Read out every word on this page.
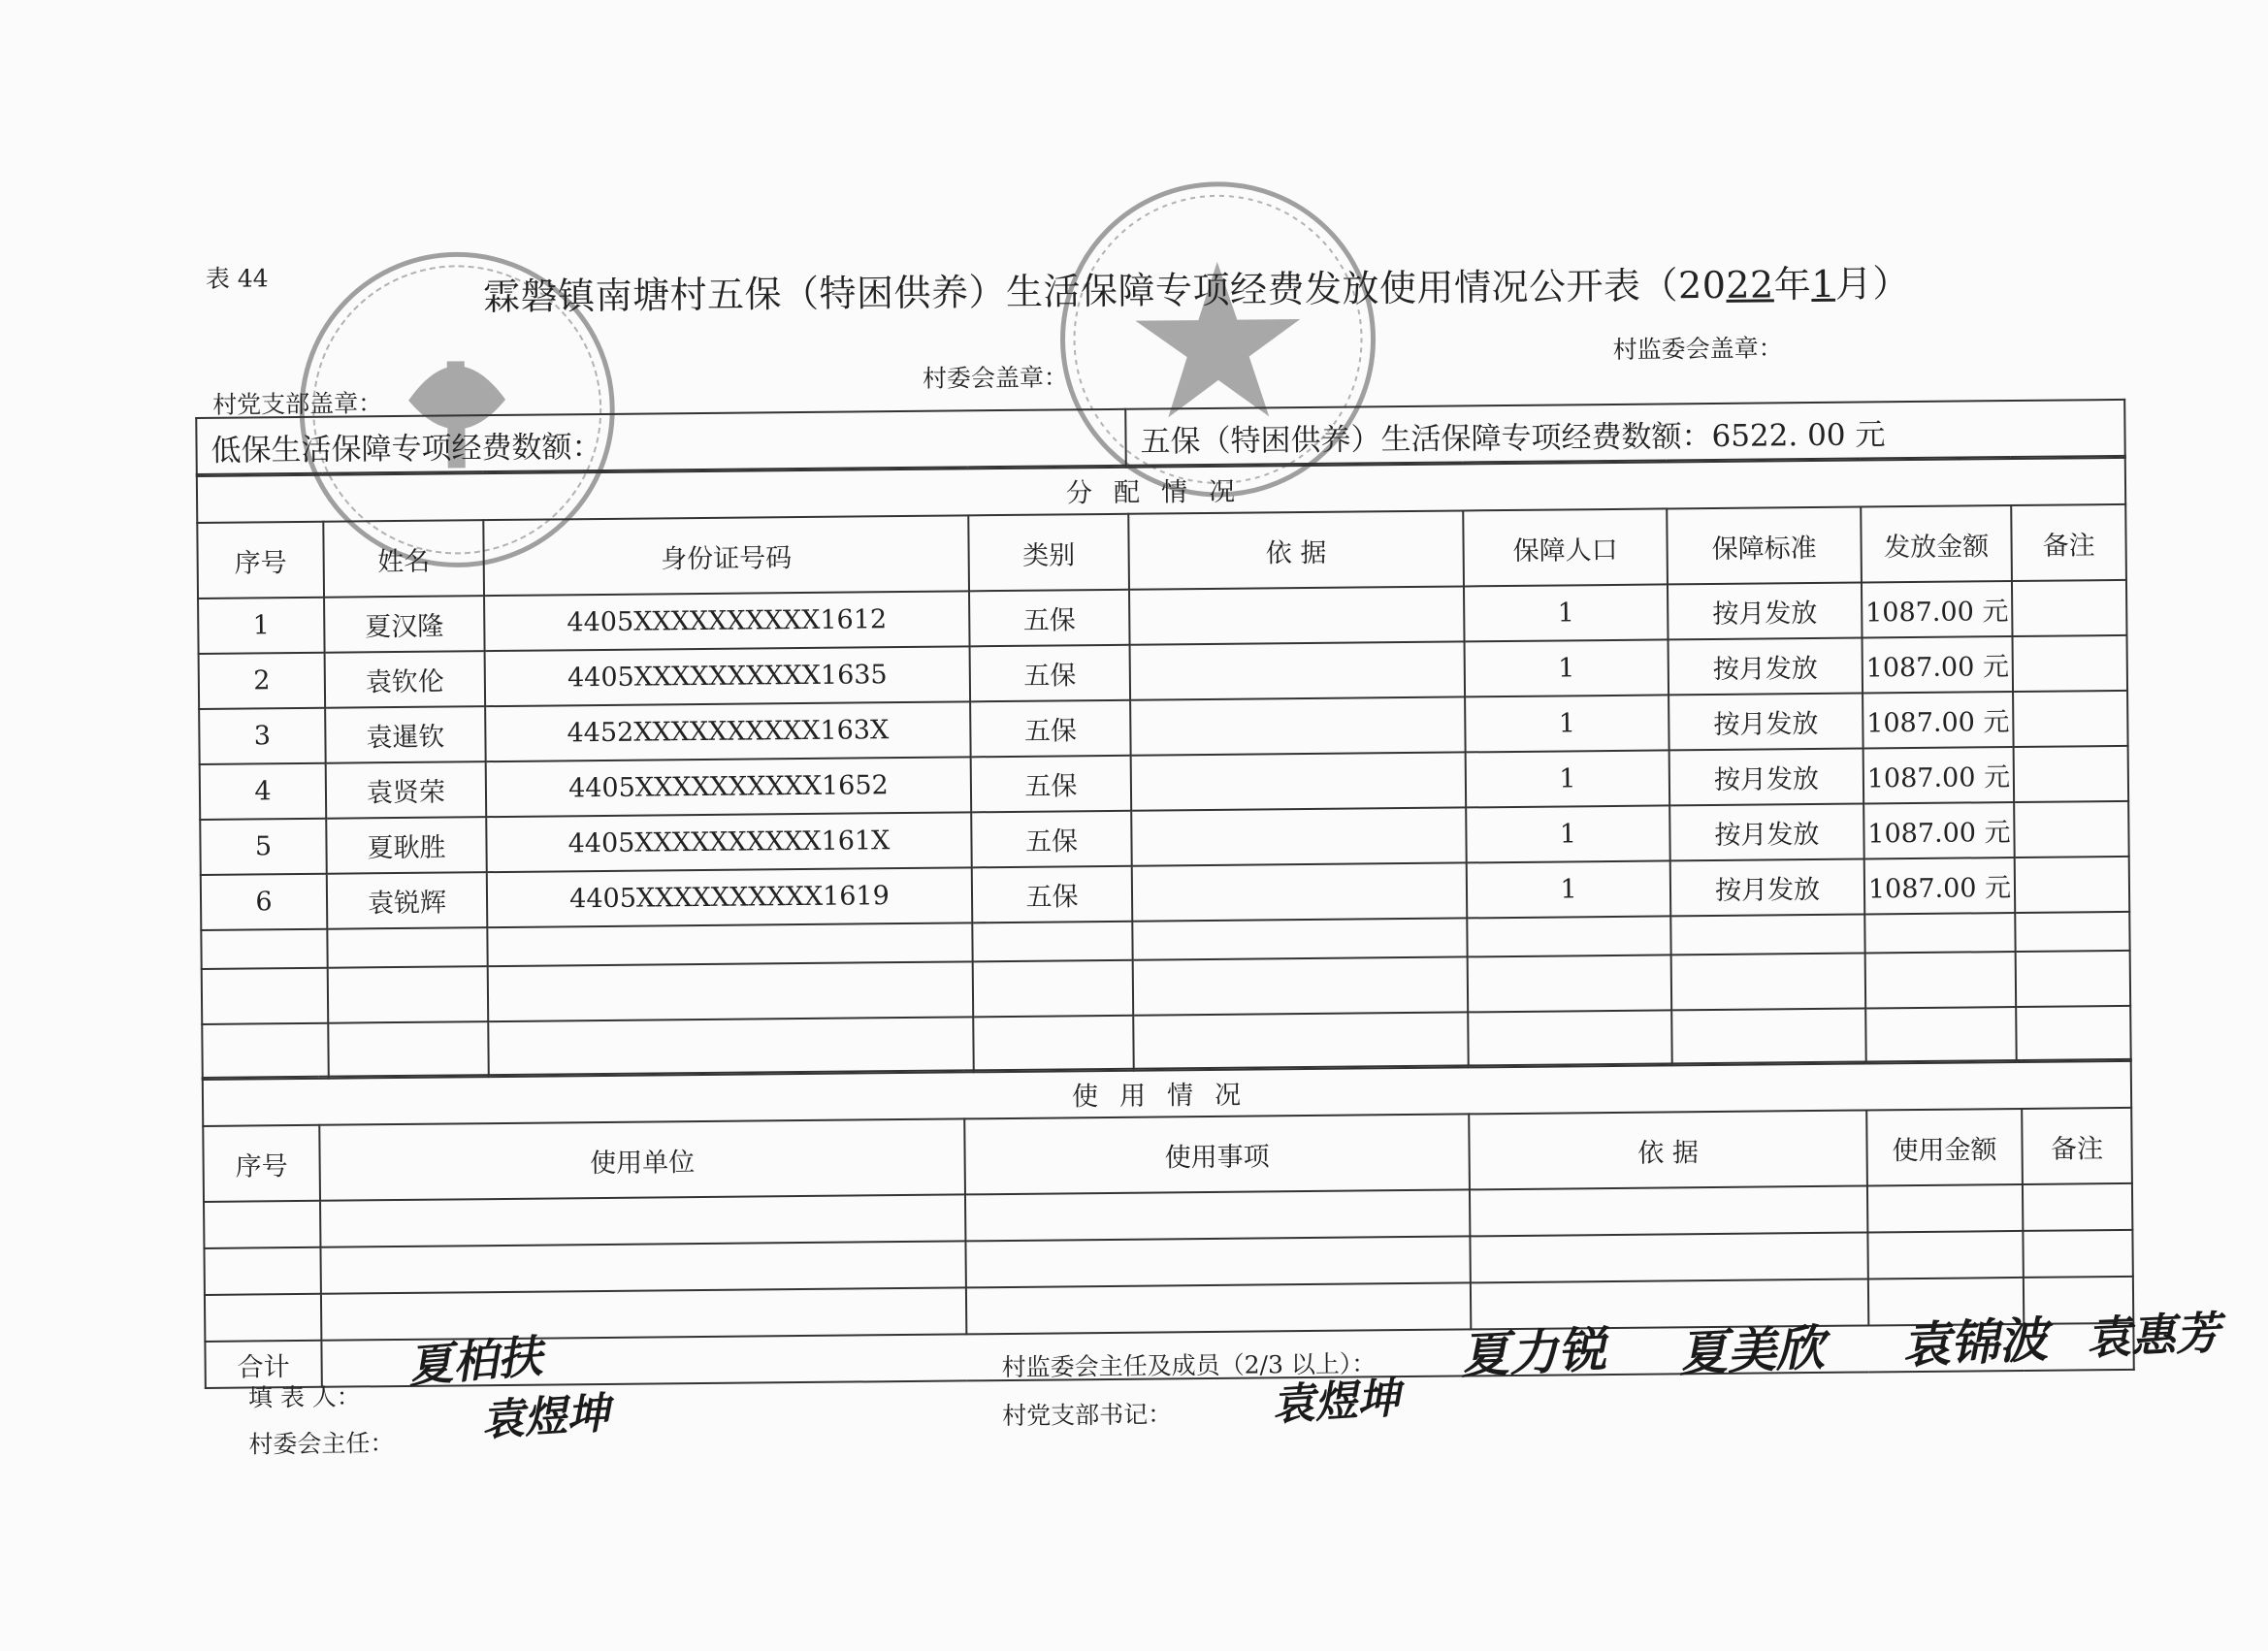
表 44	霖磐镇南塘村五保（特困供养）生活保障专项经费发放使用情况公开表（2022年1月）
村党支部盖章：
村委会盖章：
村监委会盖章：
低保生活保障专项经费数额：	五保（特困供养）生活保障专项经费数额：6522. 00 元
分配情况								
序号	姓名	身份证号码	类别	依 据	保障人口	保障标准	发放金额	备注
1	夏汉隆	4405XXXXXXXXXX1612	五保		1	按月发放	1087.00 元	
2	袁钦伦	4405XXXXXXXXXX1635	五保		1	按月发放	1087.00 元	
3	袁暹钦	4452XXXXXXXXXX163X	五保		1	按月发放	1087.00 元	
4	袁贤荣	4405XXXXXXXXXX1652	五保		1	按月发放	1087.00 元	
5	夏耿胜	4405XXXXXXXXXX161X	五保		1	按月发放	1087.00 元	
6	袁锐辉	4405XXXXXXXXXX1619	五保		1	按月发放	1087.00 元	

使用情况					
序号	使用单位	使用事项	依 据	使用金额	备注

合计					
填 表 人：
村委会主任：
村监委会主任及成员（2/3 以上）：
村党支部书记：
夏柏扶
袁煜坤	袁煜坤
夏力锐 夏美欣 袁锦波 袁惠芳
